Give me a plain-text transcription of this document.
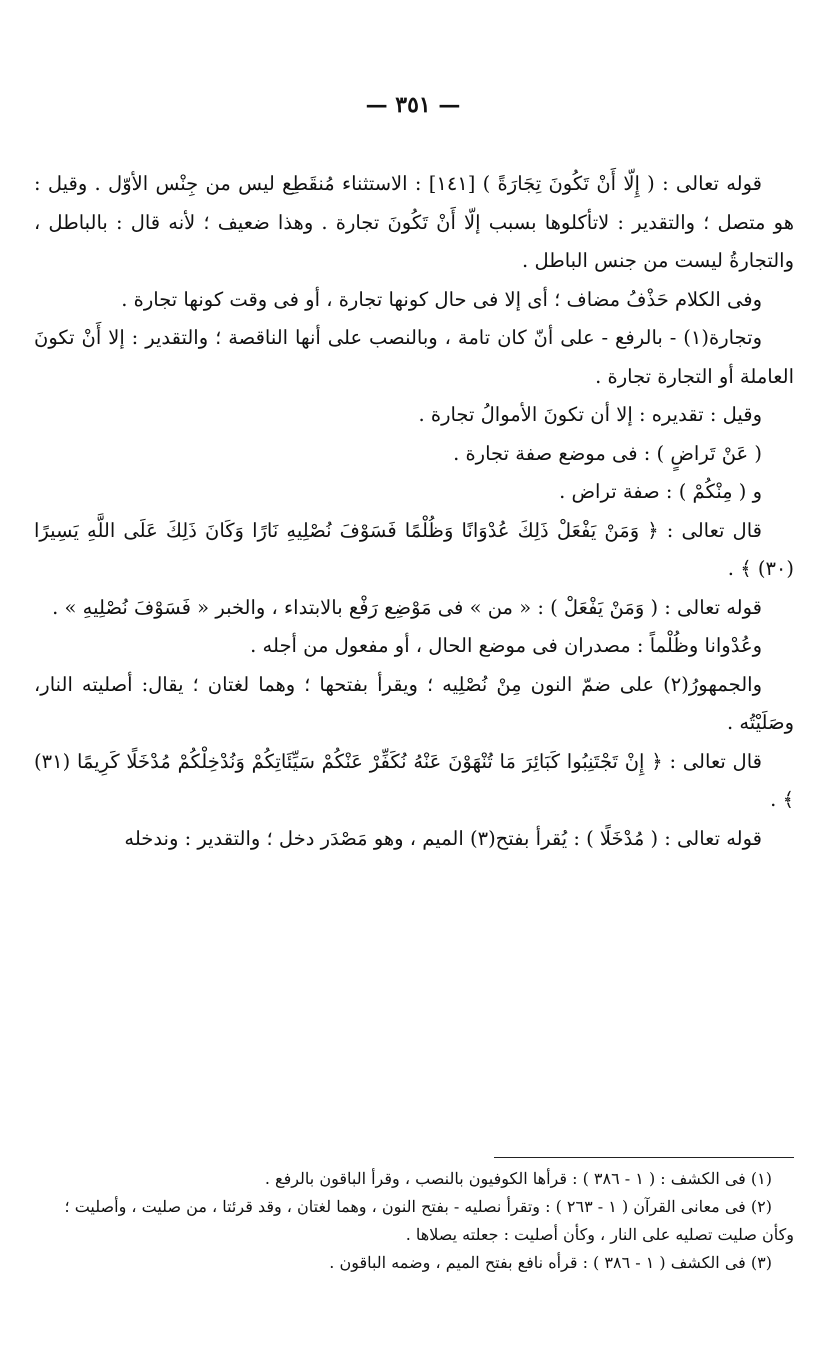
— ٣٥١ —

قوله تعالى : ( إِلّا أَنْ تَكُونَ تِجَارَةً ) [١٤١] : الاستثناء مُنقَطِع ليس من جِنْس الأوّل . وقيل : هو متصل ؛ والتقدير : لاتأكلوها بسبب إلّا أَنْ تَكُونَ تجارة . وهذا ضعيف ؛ لأنه قال : بالباطل ، والتجارةُ ليست من جنس الباطل .

وفى الكلام حَذْفُ مضاف ؛ أى إلا فى حال كونها تجارة ، أو فى وقت كونها تجارة .

وتجارة(١) - بالرفع - على أنّ كان تامة ، وبالنصب على أنها الناقصة ؛ والتقدير : إلا أَنْ تكونَ العاملة أو التجارة تجارة .

وقيل : تقديره : إلا أن تكونَ الأموالُ تجارة .

( عَنْ تَراضٍ ) : فى موضع صفة تجارة .

و ( مِنْكُمْ ) : صفة تراض .

قال تعالى : ﴿ وَمَنْ يَفْعَلْ ذَلِكَ عُدْوَانًا وَظُلْمًا فَسَوْفَ نُصْلِيهِ نَارًا وَكَانَ ذَلِكَ عَلَى اللَّهِ يَسِيرًا (٣٠) ﴾ .

قوله تعالى : ( وَمَنْ يَفْعَلْ ) : « من » فى مَوْضِع رَفْع بالابتداء ، والخبر « فَسَوْفَ نُصْلِيهِ » .

وعُدْوانا وظُلْماً : مصدران فى موضع الحال ، أو مفعول من أجله .

والجمهورُ(٢) على ضمّ النون مِنْ نُصْلِيه ؛ ويقرأ بفتحها ؛ وهما لغتان ؛ يقال: أصليته النار، وصَلَيْتُه .

قال تعالى : ﴿ إِنْ تَجْتَنِبُوا كَبَائِرَ مَا تُنْهَوْنَ عَنْهُ نُكَفِّرْ عَنْكُمْ سَيِّئَاتِكُمْ وَنُدْخِلْكُمْ مُدْخَلًا كَرِيمًا (٣١) ﴾ .

قوله تعالى : ( مُدْخَلًا ) : يُقرأ بفتح(٣) الميم ، وهو مَصْدَر دخل ؛ والتقدير : وندخله

(١) فى الكشف : ( ١ - ٣٨٦ ) : قرأها الكوفيون بالنصب ، وقرأ الباقون بالرفع .

(٢) فى معانى القرآن ( ١ - ٢٦٣ ) : وتقرأ نصليه - بفتح النون ، وهما لغتان ، وقد قرئتا ، من صليت ، وأصليت ؛ وكأن صليت تصليه على النار ، وكأن أصليت : جعلته يصلاها .

(٣) فى الكشف ( ١ - ٣٨٦ ) : قرأه نافع بفتح الميم ، وضمه الباقون .
